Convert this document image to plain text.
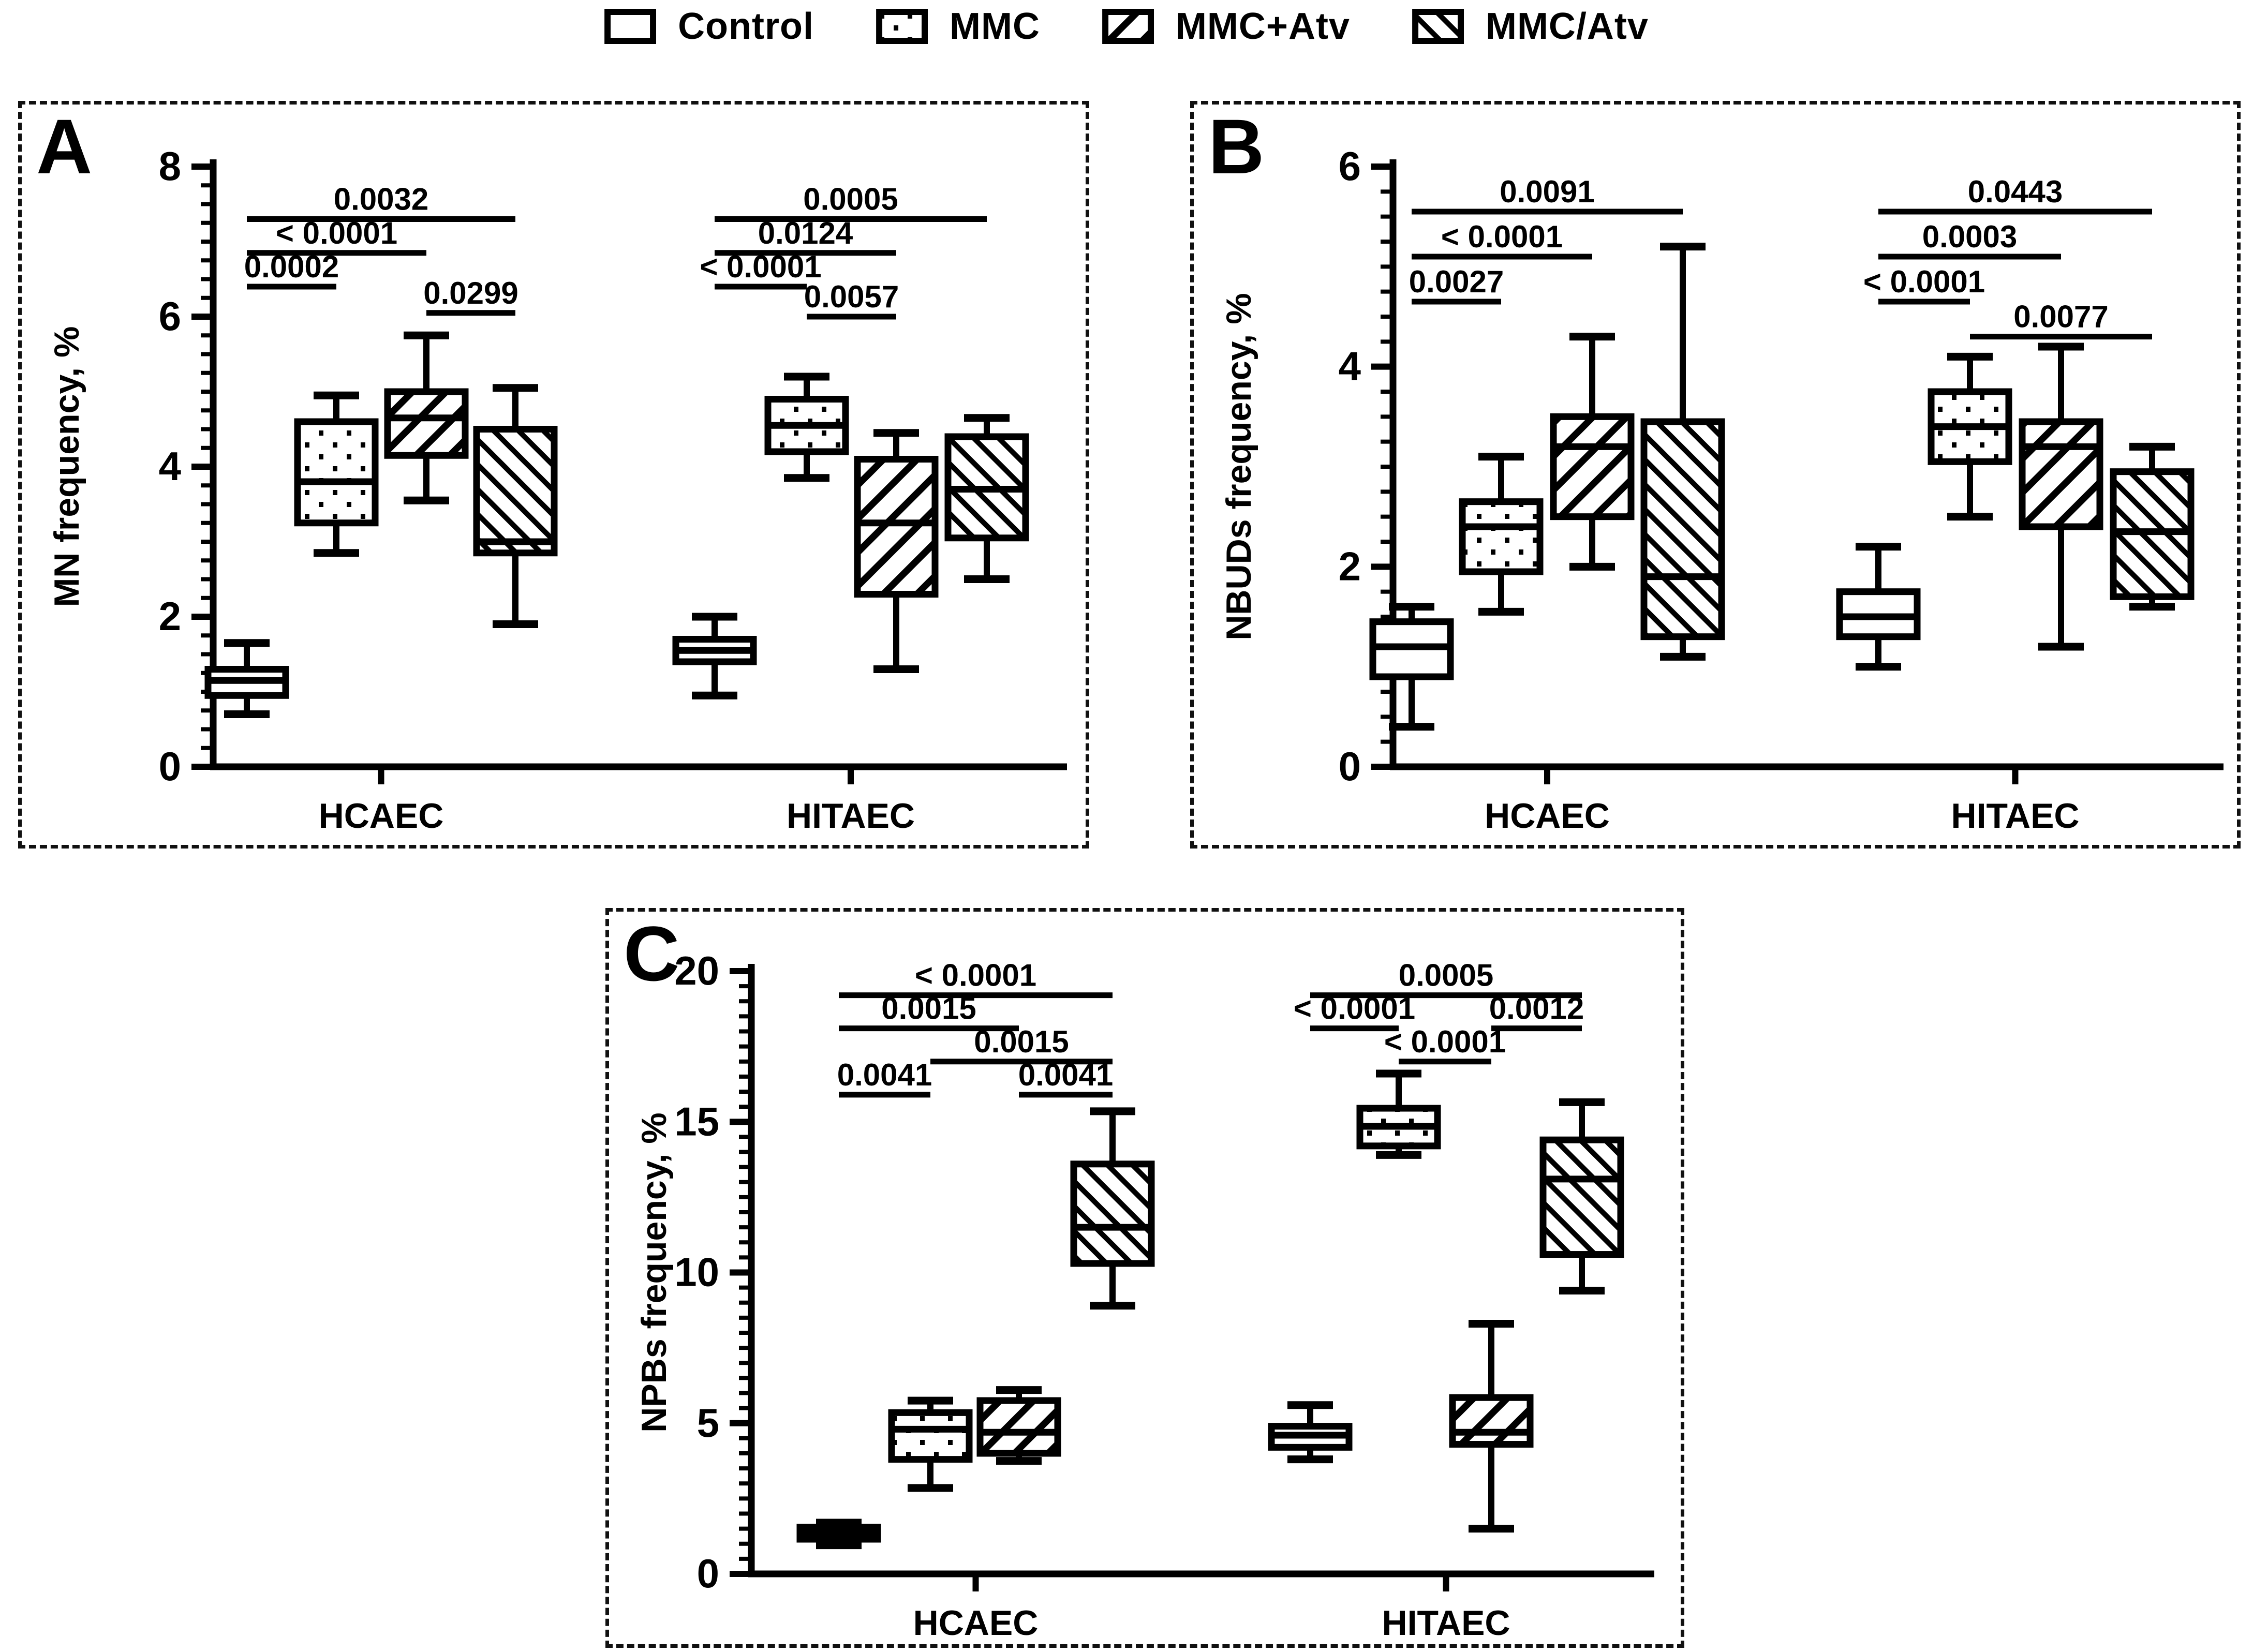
Control	MMC	MMC+Atv	MMC/Atv
A
0
2
4
6
8
MN frequency, %
HCAEC	HITAEC
0.0032
< 0.0001
0.0002
0.0299
0.0005
0.0124
< 0.0001
0.0057
B
0
2
4
6
NBUDs frequency, %
HCAEC	HITAEC
0.0091
< 0.0001
0.0027
0.0443
0.0003
< 0.0001
0.0077
C
0
5
10
15
20
NPBs frequency, %
HCAEC	HITAEC
< 0.0001
0.0015
0.0015
0.0041	0.0041
0.0005
< 0.0001 0.0012
< 0.0001
